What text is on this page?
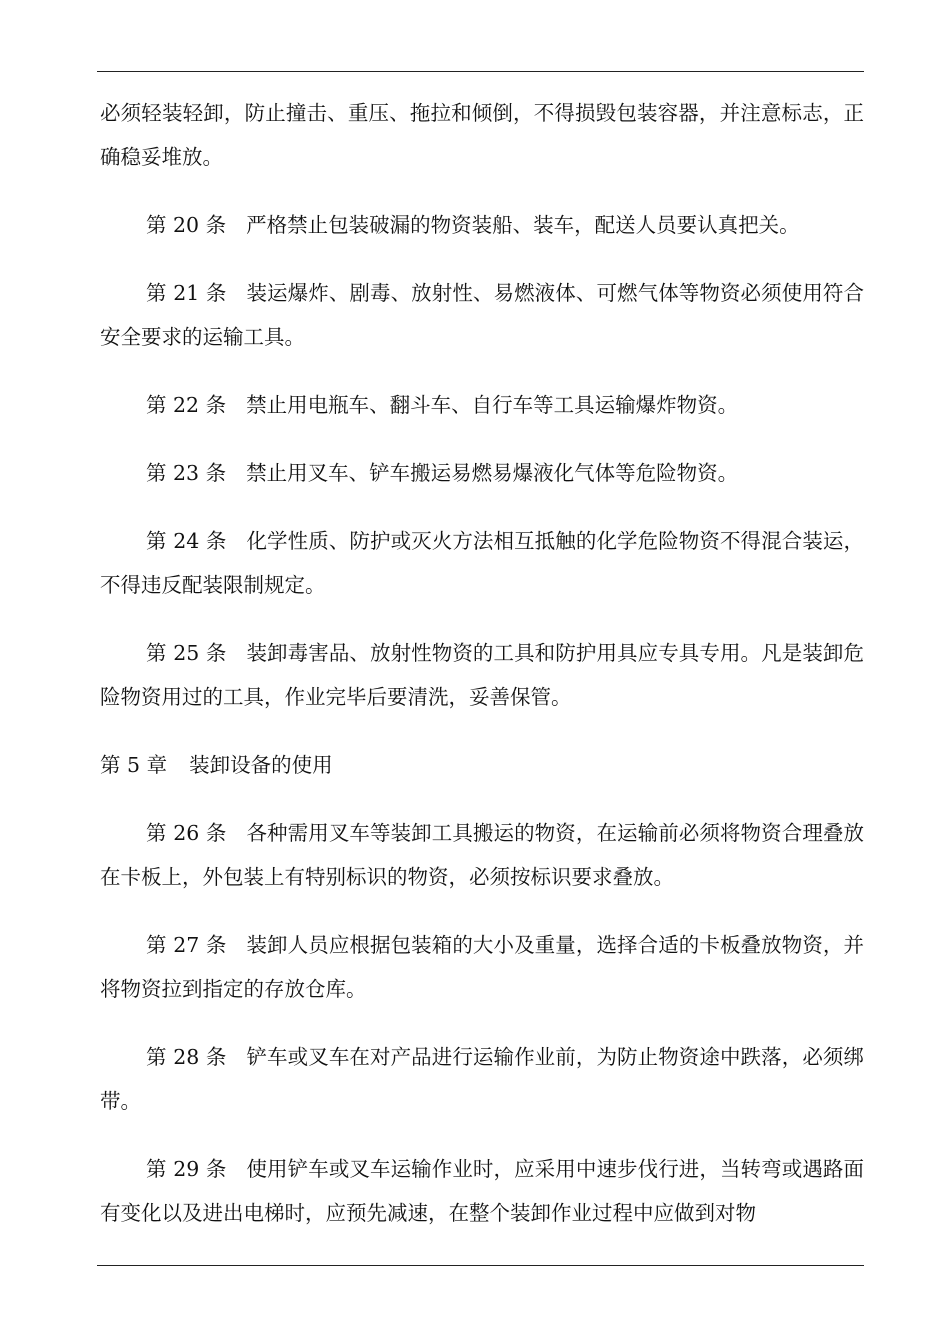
必须轻装轻卸，防止撞击、重压、拖拉和倾倒，不得损毁包装容器，并注意标志，正确稳妥堆放。

第 20 条 严格禁止包装破漏的物资装船、装车，配送人员要认真把关。

第 21 条 装运爆炸、剧毒、放射性、易燃液体、可燃气体等物资必须使用符合安全要求的运输工具。

第 22 条 禁止用电瓶车、翻斗车、自行车等工具运输爆炸物资。

第 23 条 禁止用叉车、铲车搬运易燃易爆液化气体等危险物资。

第 24 条 化学性质、防护或灭火方法相互抵触的化学危险物资不得混合装运，不得违反配装限制规定。

第 25 条 装卸毒害品、放射性物资的工具和防护用具应专具专用。凡是装卸危险物资用过的工具，作业完毕后要清洗，妥善保管。

第 5 章 装卸设备的使用

第 26 条 各种需用叉车等装卸工具搬运的物资，在运输前必须将物资合理叠放在卡板上，外包装上有特别标识的物资，必须按标识要求叠放。

第 27 条 装卸人员应根据包装箱的大小及重量，选择合适的卡板叠放物资，并将物资拉到指定的存放仓库。

第 28 条 铲车或叉车在对产品进行运输作业前，为防止物资途中跌落，必须绑带。

第 29 条 使用铲车或叉车运输作业时，应采用中速步伐行进，当转弯或遇路面有变化以及进出电梯时，应预先减速，在整个装卸作业过程中应做到对物
